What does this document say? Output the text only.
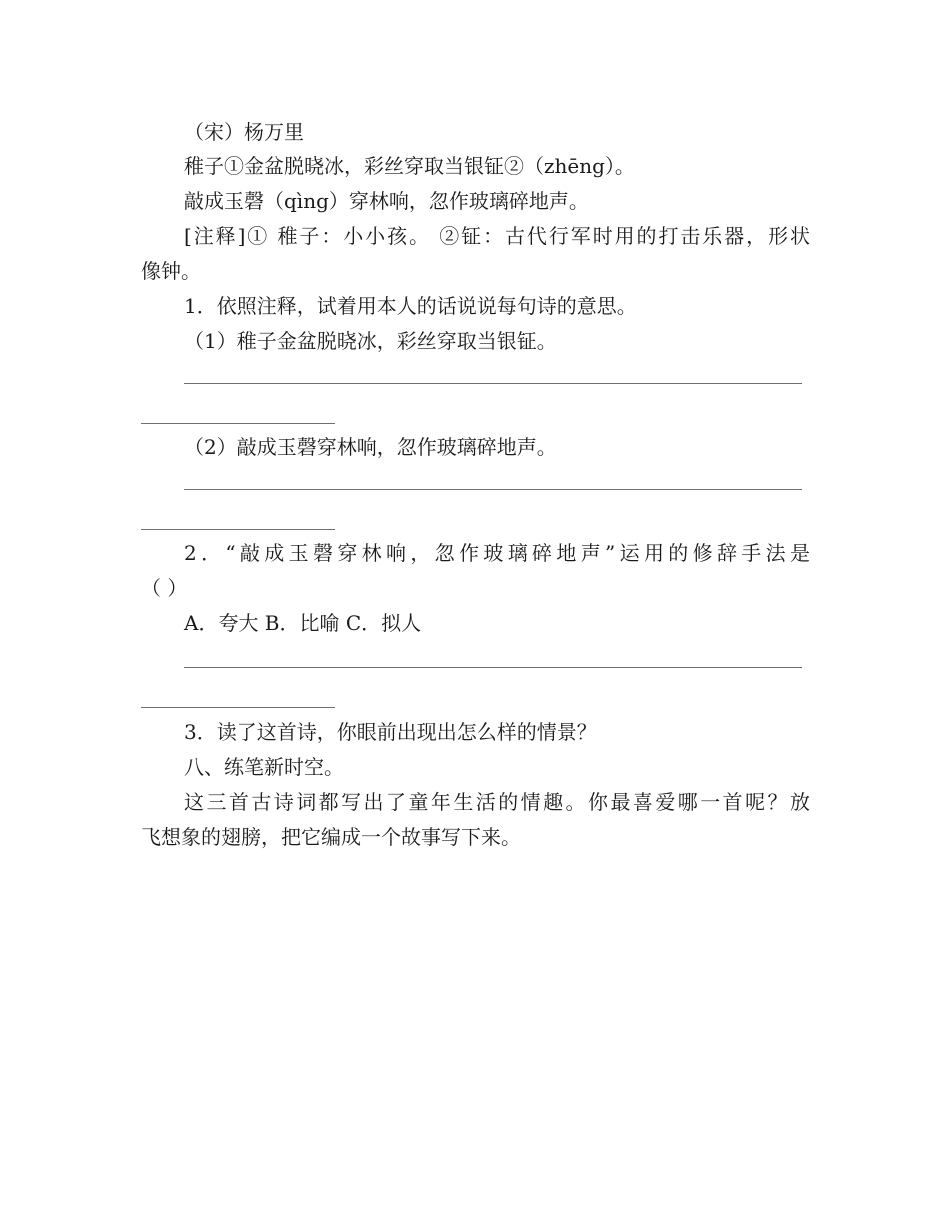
（宋）杨万里
稚子①金盆脱晓冰，彩丝穿取当银钲②（zhēng）。
敲成玉磬（qìng）穿林响，忽作玻璃碎地声。
[注释]① 稚子：小小孩。 ②钲：古代行军时用的打击乐器，形状
像钟。
1．依照注释，试着用本人的话说说每句诗的意思。
（1）稚子金盆脱晓冰，彩丝穿取当银钲。
（2）敲成玉磬穿林响，忽作玻璃碎地声。
2．“敲成玉磬穿林响，忽作玻璃碎地声”运用的修辞手法是
（ ）
A．夸大 B．比喻 C．拟人
3．读了这首诗，你眼前出现出怎么样的情景？
八、练笔新时空。
这三首古诗词都写出了童年生活的情趣。你最喜爱哪一首呢？放
飞想象的翅膀，把它编成一个故事写下来。
